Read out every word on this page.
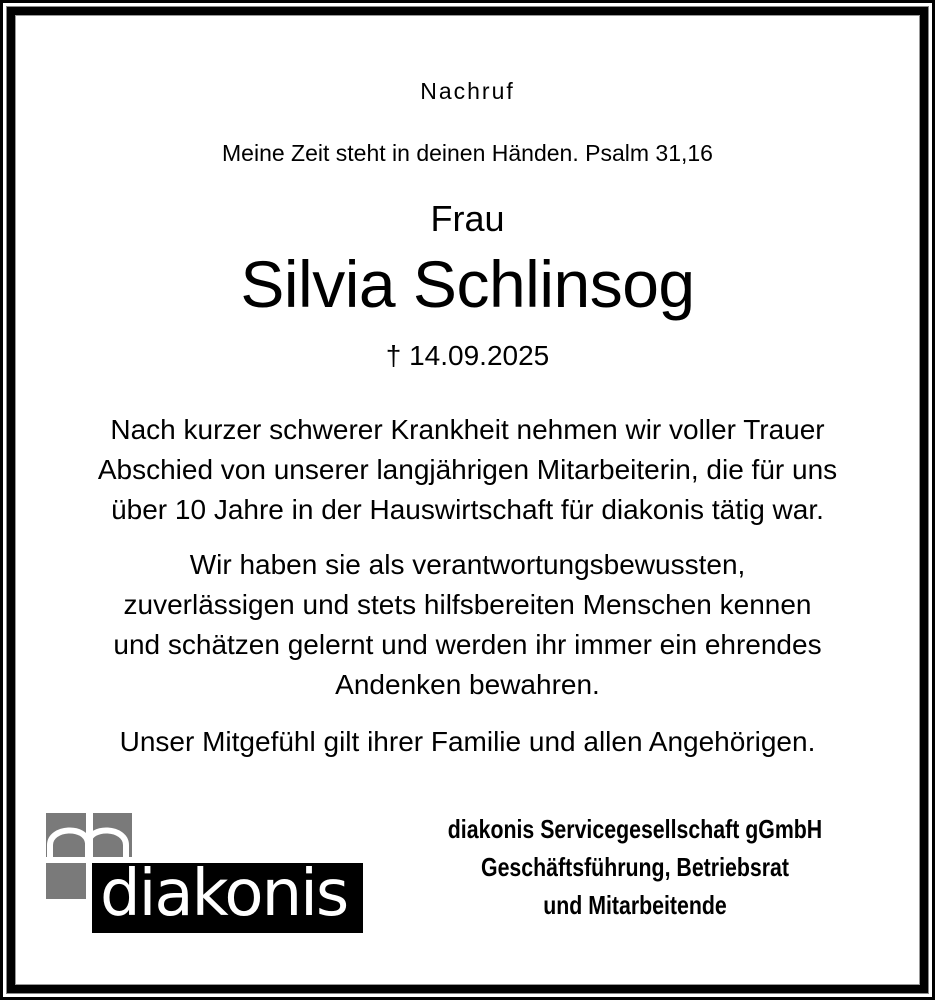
Nachruf
Meine Zeit steht in deinen Händen. Psalm 31,16
Frau
Silvia Schlinsog
† 14.09.2025
Nach kurzer schwerer Krankheit nehmen wir voller Trauer
Abschied von unserer langjährigen Mitarbeiterin, die für uns
über 10 Jahre in der Hauswirtschaft für diakonis tätig war.
Wir haben sie als verantwortungsbewussten,
zuverlässigen und stets hilfsbereiten Menschen kennen
und schätzen gelernt und werden ihr immer ein ehrendes
Andenken bewahren.
Unser Mitgefühl gilt ihrer Familie und allen Angehörigen.
diakonis
diakonis Servicegesellschaft gGmbH
Geschäftsführung, Betriebsrat
und Mitarbeitende
